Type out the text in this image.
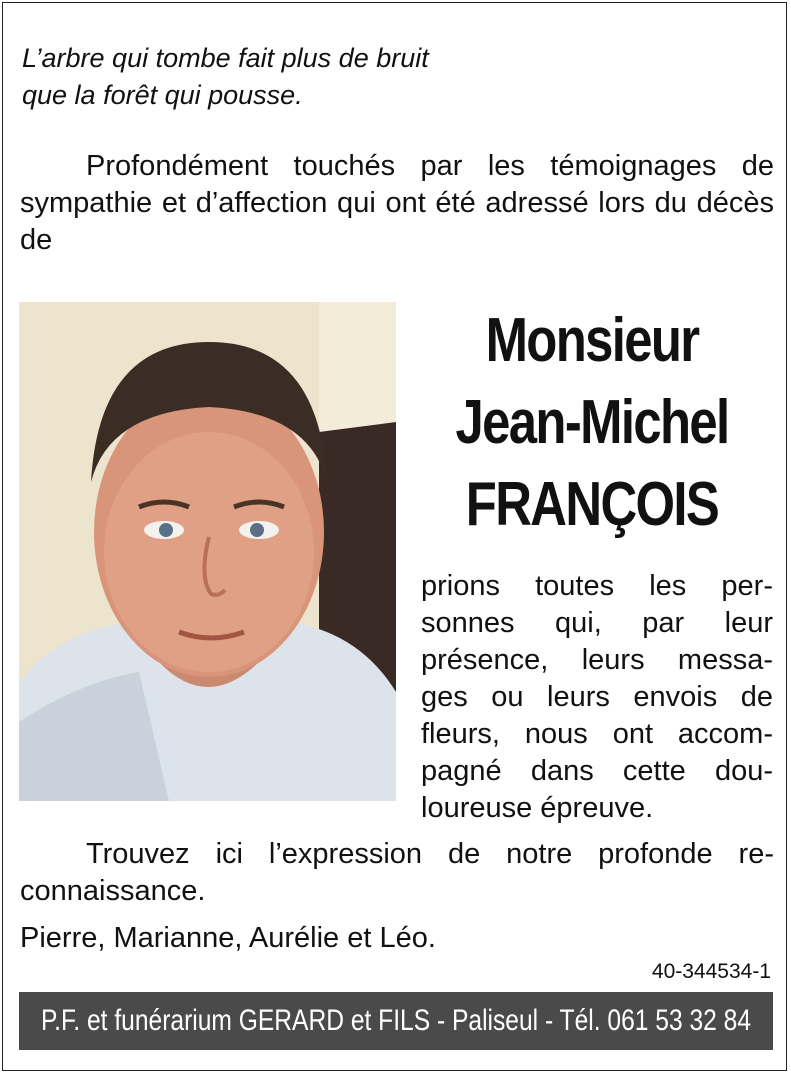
L’arbre qui tombe fait plus de bruit
que la forêt qui pousse.

Profondément touchés par les témoignages de sympathie et d’affection qui ont été adressé lors du décès de

Monsieur
Jean-Michel
FRANÇOIS

prions toutes les per-
sonnes qui, par leur
présence, leurs messa-
ges ou leurs envois de
fleurs, nous ont accom-
pagné dans cette dou-
loureuse épreuve.

Trouvez ici l’expression de notre profonde re-connaissance.

Pierre, Marianne, Aurélie et Léo.

40-344534-1

P.F. et funérarium GERARD et FILS - Paliseul - Tél. 061 53 32 84
